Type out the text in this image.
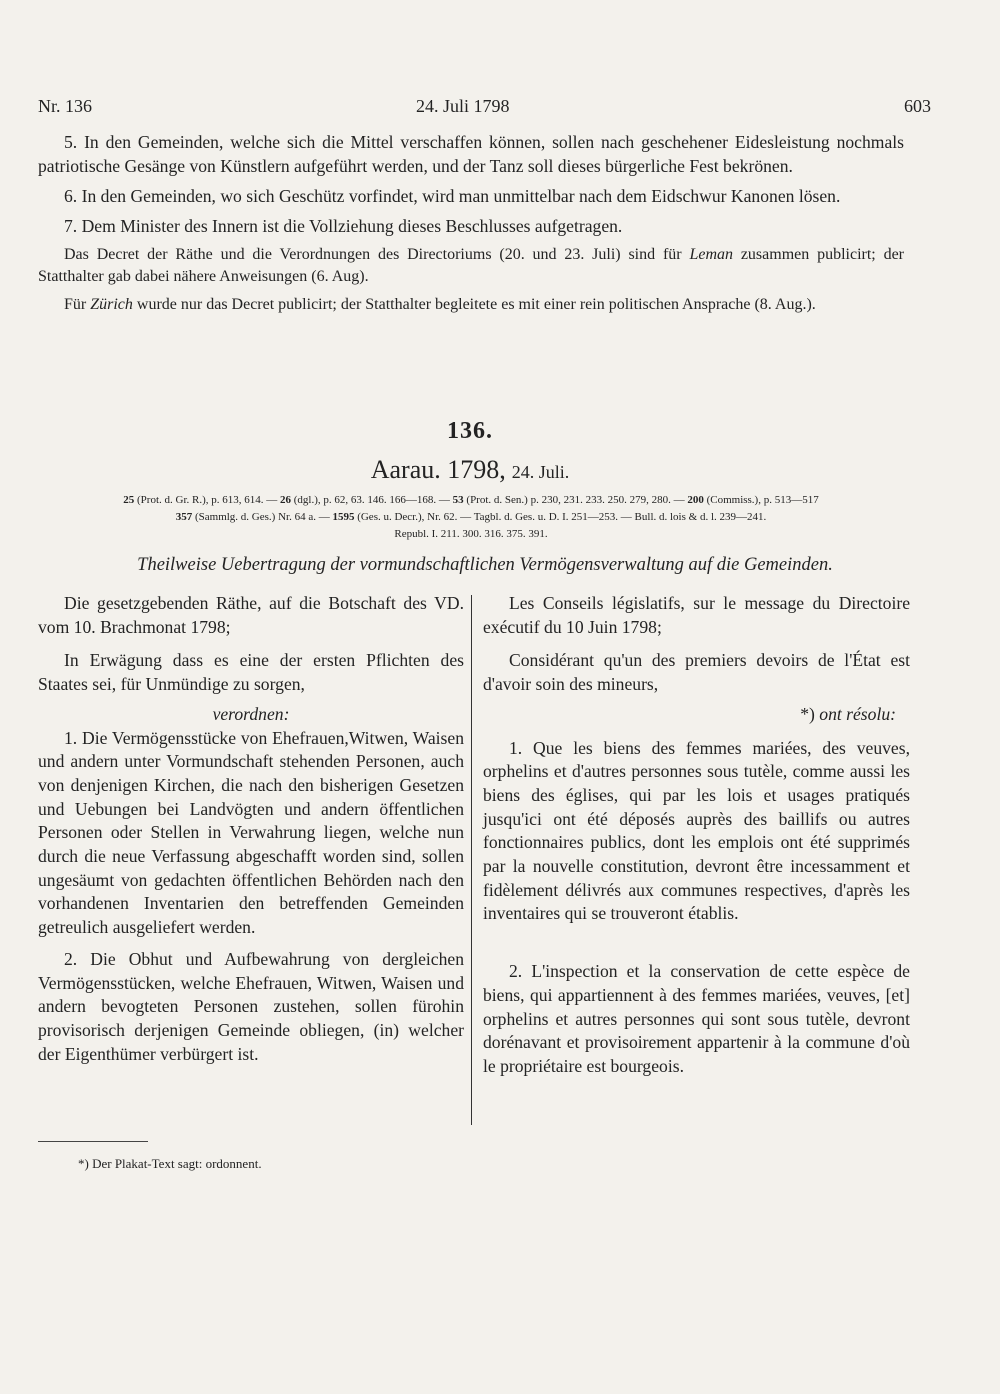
Nr. 136	24. Juli 1798	603

5. In den Gemeinden, welche sich die Mittel verschaffen können, sollen nach geschehener Eidesleistung nochmals patriotische Gesänge von Künstlern aufgeführt werden, und der Tanz soll dieses bürgerliche Fest bekrönen.

6. In den Gemeinden, wo sich Geschütz vorfindet, wird man unmittelbar nach dem Eidschwur Kanonen lösen.

7. Dem Minister des Innern ist die Vollziehung dieses Beschlusses aufgetragen.

Das Decret der Räthe und die Verordnungen des Directoriums (20. und 23. Juli) sind für Leman zusammen publicirt; der Statthalter gab dabei nähere Anweisungen (6. Aug).

Für Zürich wurde nur das Decret publicirt; der Statthalter begleitete es mit einer rein politischen Ansprache (8. Aug.).

136.
Aarau. 1798, 24. Juli.
25 (Prot. d. Gr. R.), p. 613, 614. — 26 (dgl.), p. 62, 63. 146. 166—168. — 53 (Prot. d. Sen.) p. 230, 231. 233. 250. 279, 280. — 200 (Commiss.), p. 513—517
357 (Sammlg. d. Ges.) Nr. 64 a. — 1595 (Ges. u. Decr.), Nr. 62. — Tagbl. d. Ges. u. D. I. 251—253. — Bull. d. lois & d. l. 239—241.
Republ. I. 211. 300. 316. 375. 391.
Theilweise Uebertragung der vormundschaftlichen Vermögensverwaltung auf die Gemeinden.

Die gesetzgebenden Räthe, auf die Botschaft des VD. vom 10. Brachmonat 1798;

In Erwägung dass es eine der ersten Pflichten des Staates sei, für Unmündige zu sorgen,

verordnen:

1. Die Vermögensstücke von Ehefrauen,Witwen, Waisen und andern unter Vormundschaft stehenden Personen, auch von denjenigen Kirchen, die nach den bisherigen Gesetzen und Uebungen bei Landvögten und andern öffentlichen Personen oder Stellen in Verwahrung liegen, welche nun durch die neue Verfassung abgeschafft worden sind, sollen ungesäumt von gedachten öffentlichen Behörden nach den vorhandenen Inventarien den betreffenden Gemeinden getreulich ausgeliefert werden.

2. Die Obhut und Aufbewahrung von dergleichen Vermögensstücken, welche Ehefrauen, Witwen, Waisen und andern bevogteten Personen zustehen, sollen fürohin provisorisch derjenigen Gemeinde obliegen, (in) welcher der Eigenthümer verbürgert ist.

Les Conseils législatifs, sur le message du Directoire exécutif du 10 Juin 1798;

Considérant qu'un des premiers devoirs de l'État est d'avoir soin des mineurs,

*) ont résolu:

1. Que les biens des femmes mariées, des veuves, orphelins et d'autres personnes sous tutèle, comme aussi les biens des églises, qui par les lois et usages pratiqués jusqu'ici ont été déposés auprès des baillifs ou autres fonctionnaires publics, dont les emplois ont été supprimés par la nouvelle constitution, devront être incessamment et fidèlement délivrés aux communes respectives, d'après les inventaires qui se trouveront établis.

2. L'inspection et la conservation de cette espèce de biens, qui appartiennent à des femmes mariées, veuves, [et] orphelins et autres personnes qui sont sous tutèle, devront dorénavant et provisoirement appartenir à la commune d'où le propriétaire est bourgeois.

*) Der Plakat-Text sagt: ordonnent.
